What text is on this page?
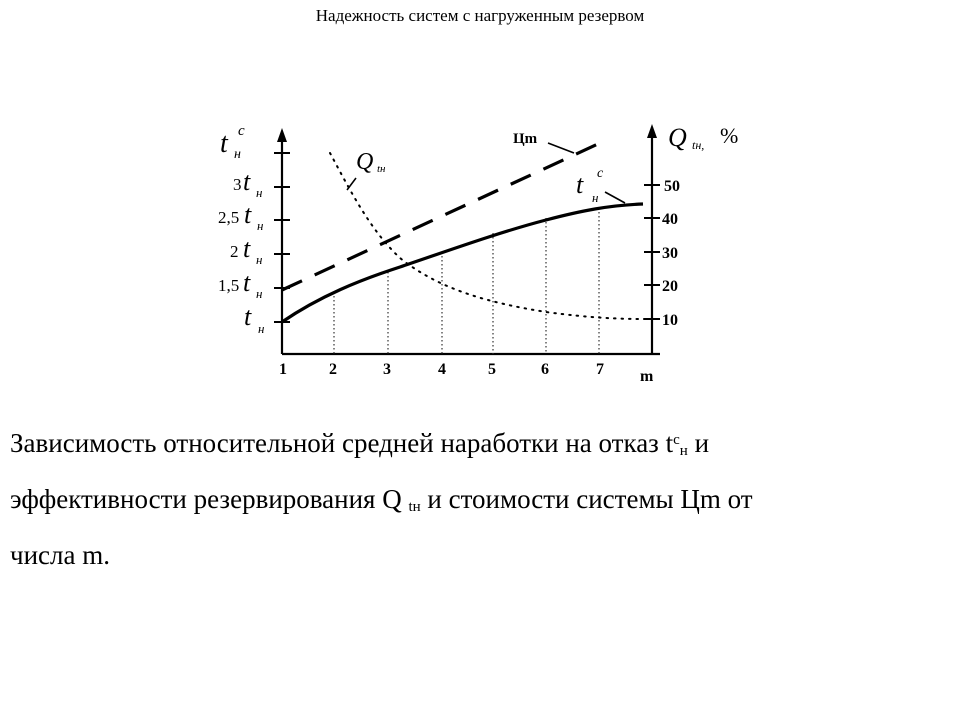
Надежность систем с нагруженным резервом
t c
н
3 t н
2,5 t н
2 t н
1,5 t н
t н
Q tн
t c
н
Q tн, %
Цm
50
40
30
20
10
1	2	3	4	5	6	7 m
Зависимость относительной средней наработки на отказ $t^c_н$ и
эффективности резервирования Q $_{tн}$ и стоимости системы Цm от
числа m.
